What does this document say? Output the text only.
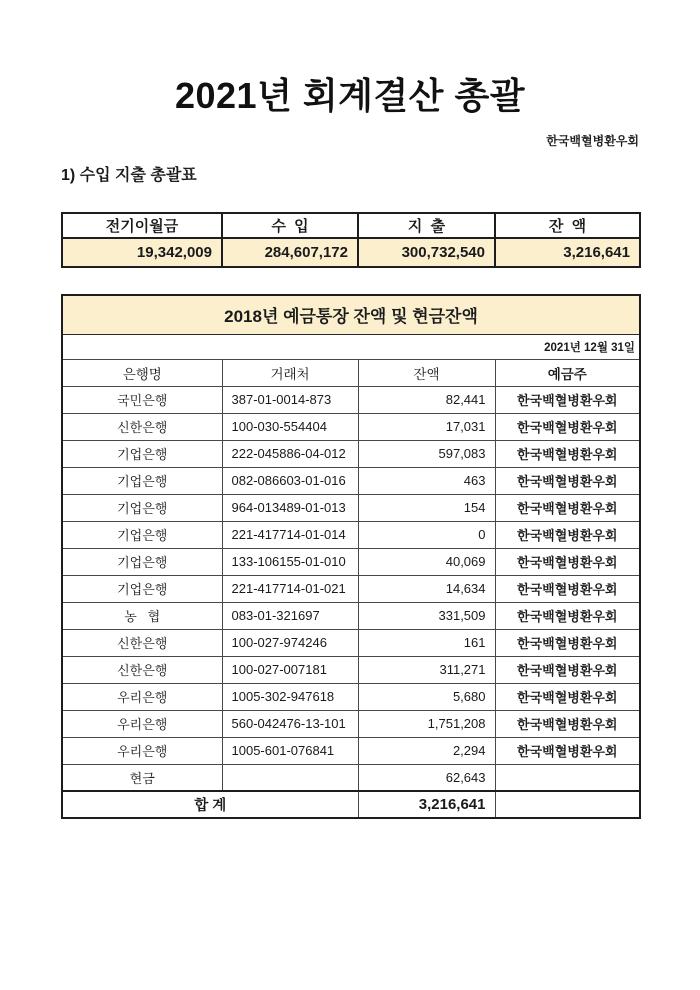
2021년 회계결산 총괄
한국백혈병환우회
1) 수입 지출 총괄표
전기이월금	수  입	지  출	잔  액
19,342,009	284,607,172	300,732,540	3,216,641
2018년 예금통장 잔액 및 현금잔액			
2021년 12월 31일			
은행명	거래처	잔액	예금주
국민은행	387-01-0014-873	82,441	한국백혈병환우회
신한은행	100-030-554404	17,031	한국백혈병환우회
기업은행	222-045886-04-012	597,083	한국백혈병환우회
기업은행	082-086603-01-016	463	한국백혈병환우회
기업은행	964-013489-01-013	154	한국백혈병환우회
기업은행	221-417714-01-014	0	한국백혈병환우회
기업은행	133-106155-01-010	40,069	한국백혈병환우회
기업은행	221-417714-01-021	14,634	한국백혈병환우회
농   협	083-01-321697	331,509	한국백혈병환우회
신한은행	100-027-974246	161	한국백혈병환우회
신한은행	100-027-007181	311,271	한국백혈병환우회
우리은행	1005-302-947618	5,680	한국백혈병환우회
우리은행	560-042476-13-101	1,751,208	한국백혈병환우회
우리은행	1005-601-076841	2,294	한국백혈병환우회
현금		62,643	
합 계		3,216,641	
